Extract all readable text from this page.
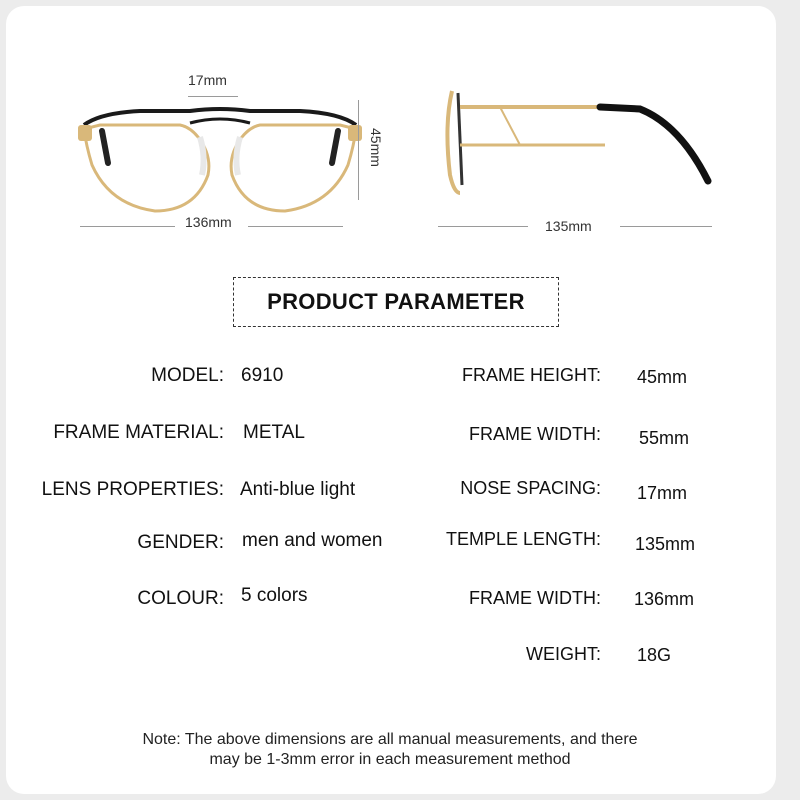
17mm
45mm
136mm	135mm
PRODUCT PARAMETER
MODEL: 6910
FRAME MATERIAL: METAL
LENS PROPERTIES: Anti-blue light
GENDER: men and women
COLOUR: 5 colors
FRAME HEIGHT: 45mm
FRAME WIDTH: 55mm
NOSE SPACING: 17mm
TEMPLE LENGTH: 135mm
FRAME WIDTH: 136mm
WEIGHT: 18G
Note: The above dimensions are all manual measurements, and there
may be 1-3mm error in each measurement method
